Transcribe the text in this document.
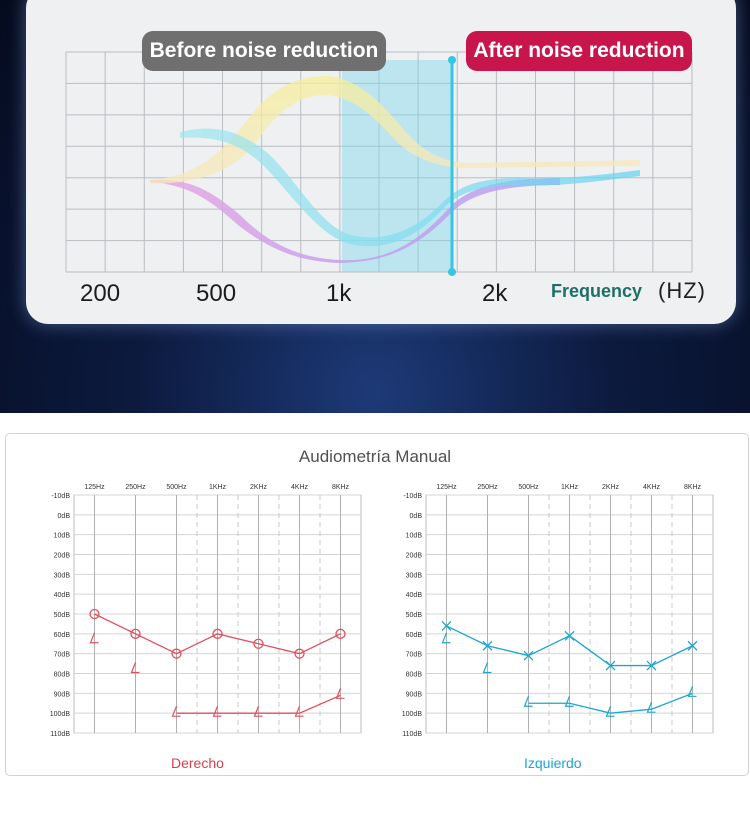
Before noise reduction	After noise reduction
200	500	1k	2k Frequency (HZ)
Audiometría Manual
-10dB
0dB
10dB
20dB
30dB
40dB
50dB
60dB
70dB
80dB
90dB
100dB
110dB
125Hz	250Hz	500Hz	1KHz	2KHz	4KHz	8KHz
-10dB
0dB
10dB
20dB
30dB
40dB
50dB
60dB
70dB
80dB
90dB
100dB
110dB
125Hz	250Hz	500Hz	1KHz	2KHz	4KHz	8KHz
Derecho	Izquierdo
